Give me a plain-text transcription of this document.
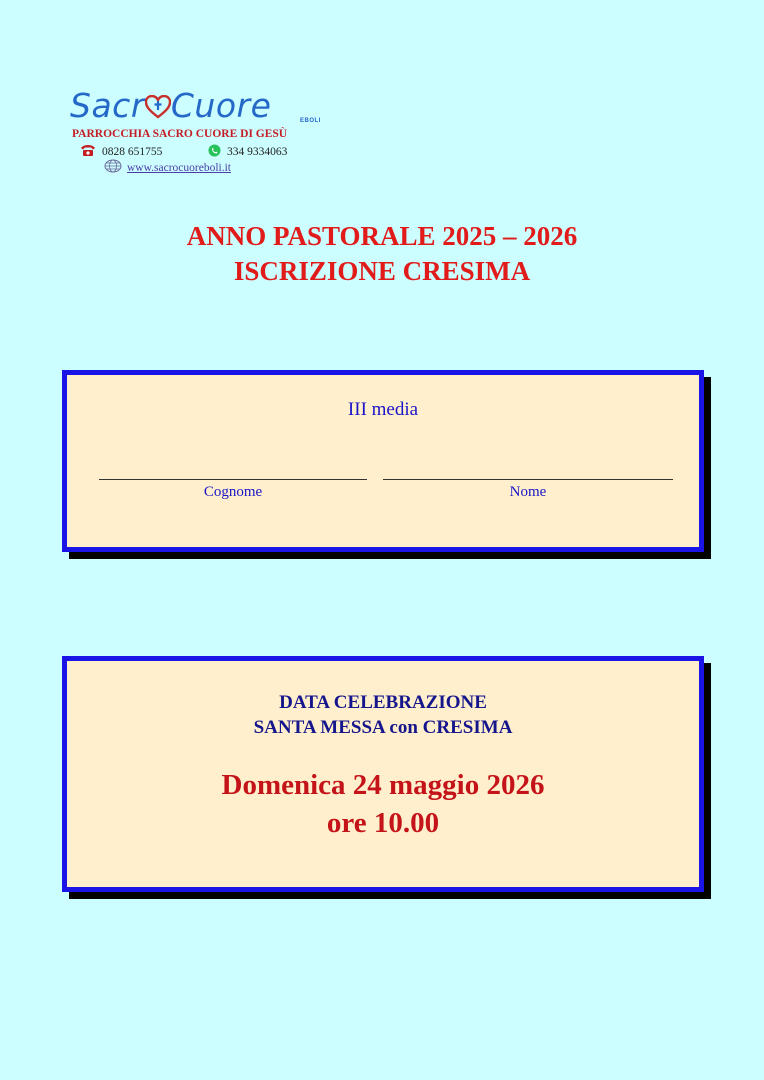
Sacr Cuore	EBOLI
PARROCCHIA SACRO CUORE DI GESÙ
0828 651755	334 9334063
www.sacrocuoreboli.it
ANNO PASTORALE 2025 – 2026
ISCRIZIONE CRESIMA
III media
Cognome	Nome
DATA CELEBRAZIONE
SANTA MESSA con CRESIMA
Domenica 24 maggio 2026
ore 10.00
